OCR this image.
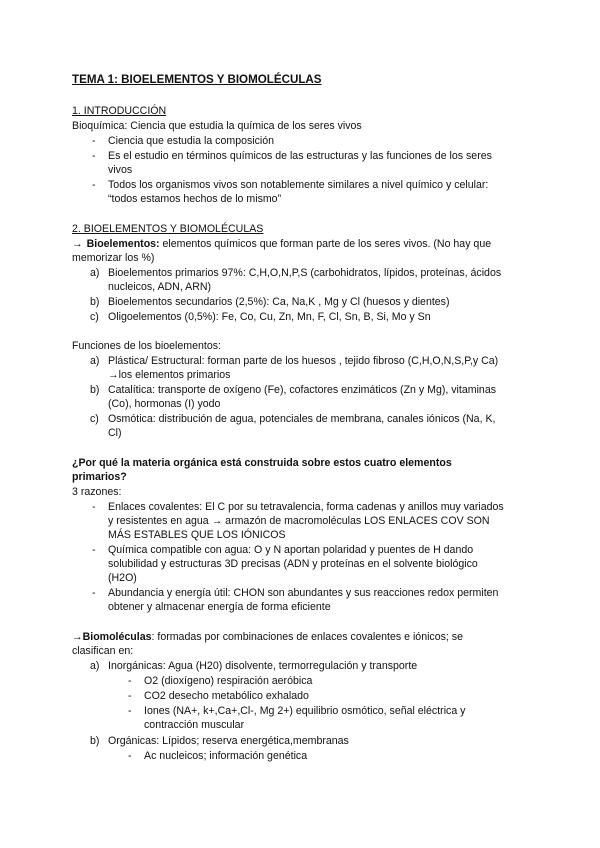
TEMA 1: BIOELEMENTOS Y BIOMOLÉCULAS
1. INTRODUCCIÓN
Bioquímica: Ciencia que estudia la química de los seres vivos
- Ciencia que estudia la composición
- Es el estudio en términos químicos de las estructuras y las funciones de los seres
vivos
- Todos los organismos vivos son notablemente similares a nivel químico y celular:
“todos estamos hechos de lo mismo”
2. BIOELEMENTOS Y BIOMOLÉCULAS
→ Bioelementos: elementos químicos que forman parte de los seres vivos. (No hay que
memorizar los %)
a) Bioelementos primarios 97%: C,H,O,N,P,S (carbohidratos, lípidos, proteínas, ácidos
nucleicos, ADN, ARN)
b) Bioelementos secundarios (2,5%): Ca, Na,K , Mg y Cl (huesos y dientes)
c) Oligoelementos (0,5%): Fe, Co, Cu, Zn, Mn, F, Cl, Sn, B, Si, Mo y Sn
Funciones de los bioelementos:
a) Plástica/ Estructural: forman parte de los huesos , tejido fibroso (C,H,O,N,S,P,y Ca)
→los elementos primarios
b) Catalítica: transporte de oxígeno (Fe), cofactores enzimáticos (Zn y Mg), vitaminas
(Co), hormonas (I) yodo
c) Osmótica: distribución de agua, potenciales de membrana, canales iónicos (Na, K,
Cl)
¿Por qué la materia orgánica está construida sobre estos cuatro elementos
primarios?
3 razones:
- Enlaces covalentes: El C por su tetravalencia, forma cadenas y anillos muy variados
y resistentes en agua → armazón de macromoléculas LOS ENLACES COV SON
MÁS ESTABLES QUE LOS IÓNICOS
- Química compatible con agua: O y N aportan polaridad y puentes de H dando
solubilidad y estructuras 3D precisas (ADN y proteínas en el solvente biológico
(H2O)
- Abundancia y energía útil: CHON son abundantes y sus reacciones redox permiten
obtener y almacenar energía de forma eficiente
→Biomoléculas: formadas por combinaciones de enlaces covalentes e iónicos; se
clasifican en:
a) Inorgánicas: Agua (H20) disolvente, termorregulación y transporte
- O2 (dioxígeno) respiración aeróbica
- CO2 desecho metabólico exhalado
- Iones (NA+, k+,Ca+,Cl-, Mg 2+) equilibrio osmótico, señal eléctrica y
contracción muscular
b) Orgánicas: Lípidos; reserva energética,membranas
- Ac nucleicos; información genética
